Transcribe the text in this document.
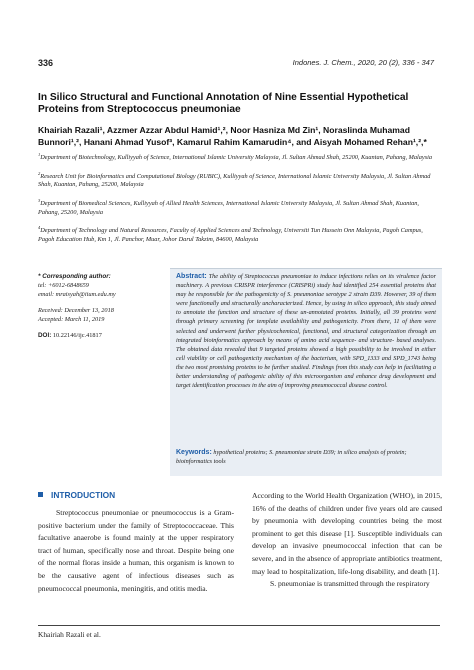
336	Indones. J. Chem., 2020, 20 (2), 336 - 347
In Silico Structural and Functional Annotation of Nine Essential Hypothetical Proteins from Streptococcus pneumoniae
Khairiah Razali¹, Azzmer Azzar Abdul Hamid¹,², Noor Hasniza Md Zin¹, Noraslinda Muhamad Bunnori¹,², Hanani Ahmad Yusof³, Kamarul Rahim Kamarudin⁴, and Aisyah Mohamed Rehan¹,²,*
$^1$Department of Biotechnology, Kulliyyah of Science, International Islamic University Malaysia, Jl. Sultan Ahmad Shah, 25200, Kuantan, Pahang, Malaysia
$^2$Research Unit for Bioinformatics and Computational Biology (RUBIC), Kulliyyah of Science, International Islamic University Malaysia, Jl. Sultan Ahmad Shah, Kuantan, Pahang, 25200, Malaysia
$^3$Department of Biomedical Sciences, Kulliyyah of Allied Health Sciences, International Islamic University Malaysia, Jl. Sultan Ahmad Shah, Kuantan, Pahang, 25200, Malaysia
$^4$Department of Technology and Natural Resources, Faculty of Applied Sciences and Technology, Universiti Tun Hussein Onn Malaysia, Pagoh Campus, Pagoh Education Hub, Km 1, Jl. Panchor, Muar, Johor Darul Takzim, 84600, Malaysia
* Corresponding author:
tel: +6012-6848659
email: mraisyah@iium.edu.my
Received: December 13, 2018
Accepted: March 11, 2019
DOI: 10.22146/ijc.41817
Abstract: The ability of Streptococcus pneumoniae to induce infections relies on its virulence factor machinery. A previous CRISPR interference (CRISPRi) study had identified 254 essential proteins that may be responsible for the pathogenicity of S. pneumoniae serotype 2 strain D39. However, 39 of them were functionally and structurally uncharacterized. Hence, by using in silico approach, this study aimed to annotate the function and structure of these un-annotated proteins. Initially, all 39 proteins went through primary screening for template availability and pathogenicity. From there, 11 of them were selected and underwent further physicochemical, functional, and structural categorization through an integrated bioinformatics approach by means of amino acid sequence- and structure- based analyses. The obtained data revealed that 9 targeted proteins showed a high possibility to be involved in either cell viability or cell pathogenicity mechanism of the bacterium, with SPD_1333 and SPD_1743 being the two most promising proteins to be further studied. Findings from this study can help in facilitating a better understanding of pathogenic ability of this microorganism and enhance drug development and target identification processes in the aim of improving pneumococcal disease control.
Keywords: hypothetical proteins; S. pneumoniae strain D39; in silico analysis of protein; bioinformatics tools
INTRODUCTION

Streptococcus pneumoniae or pneumococcus is a Gram-positive bacterium under the family of Streptococcaceae. This facultative anaerobe is found mainly at the upper respiratory tract of human, specifically nose and throat. Despite being one of the normal floras inside a human, this organism is known to be the causative agent of infectious diseases such as pneumococcal pneumonia, meningitis, and otitis media.

According to the World Health Organization (WHO), in 2015, 16% of the deaths of children under five years old are caused by pneumonia with developing countries being the most prominent to get this disease [1]. Susceptible individuals can develop an invasive pneumococcal infection that can be severe, and in the absence of appropriate antibiotics treatment, may lead to hospitalization, life-long disability, and death [1].

S. pneumoniae is transmitted through the respiratory

Khairiah Razali et al.
